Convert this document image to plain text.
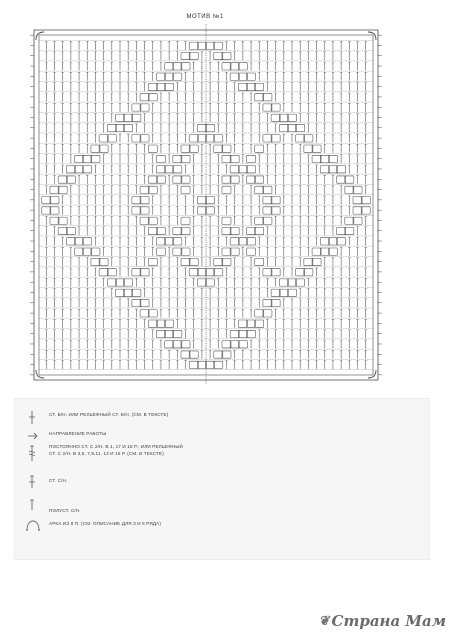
МОТИВ №1
СТ. Б/Н. ИЛИ РЕЛЬЕФНЫЙ СТ. Б/Н. (СМ. В ТЕКСТЕ)
НАПРАВЛЕНИЕ РАБОТЫ
ПОСТОЯННО СТ. С 2/Н. В 1, 17 И 18 Р.; ИЛИ РЕЛЬЕФНЫЙ
СТ. С 2/Н. В 3,5, 7,9,11, 13 И 15 Р. (СМ. В ТЕКСТЕ)
СТ. С/Н.
ПОЛУСТ. С/Н.
АРКА ИЗ 8 П. (СМ. ОПИСАНИЕ ДЛЯ 3 И 5 РЯДА)
❦ Страна Мам
